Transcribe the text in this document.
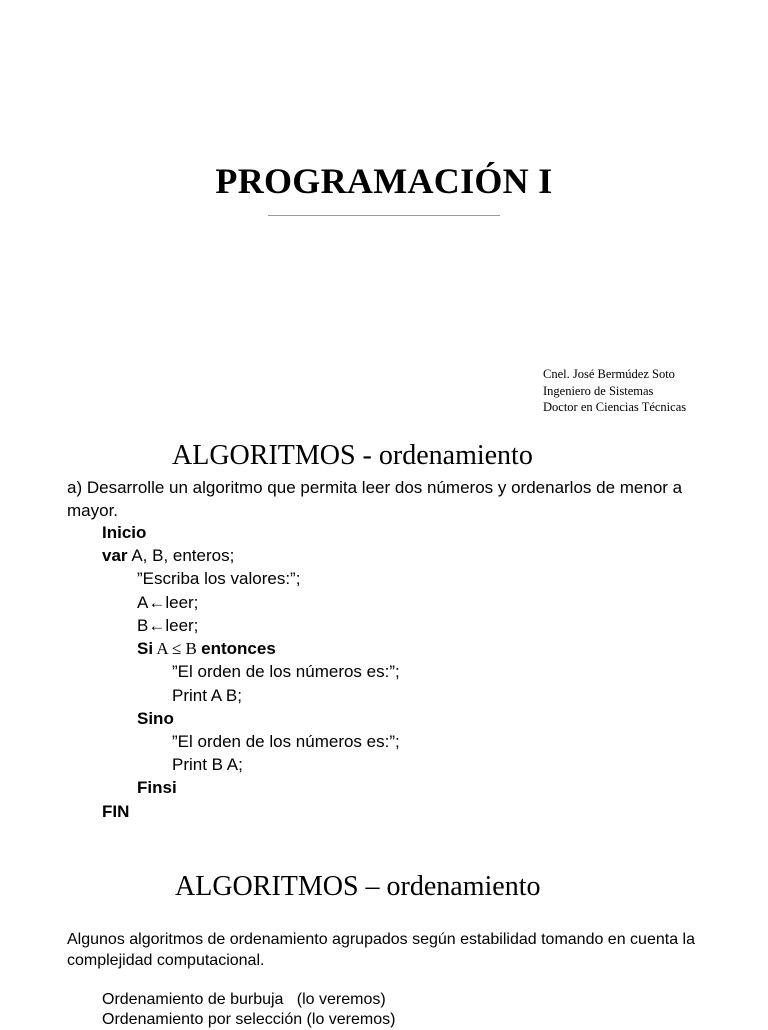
PROGRAMACIÓN I
Cnel. José Bermúdez Soto
Ingeniero de Sistemas
Doctor en Ciencias Técnicas
ALGORITMOS - ordenamiento
a) Desarrolle un algoritmo que permita leer dos números y ordenarlos de menor a mayor.
Inicio
var A, B, enteros;
”Escriba los valores:”;
A←leer;
B←leer;
Si A ≤ B entonces
”El orden de los números es:”;
Print A B;
Sino
”El orden de los números es:”;
Print B A;
Finsi
FIN
ALGORITMOS – ordenamiento
Algunos algoritmos de ordenamiento agrupados según estabilidad tomando en cuenta la complejidad computacional.
Ordenamiento de burbuja   (lo veremos)
Ordenamiento por selección (lo veremos)
